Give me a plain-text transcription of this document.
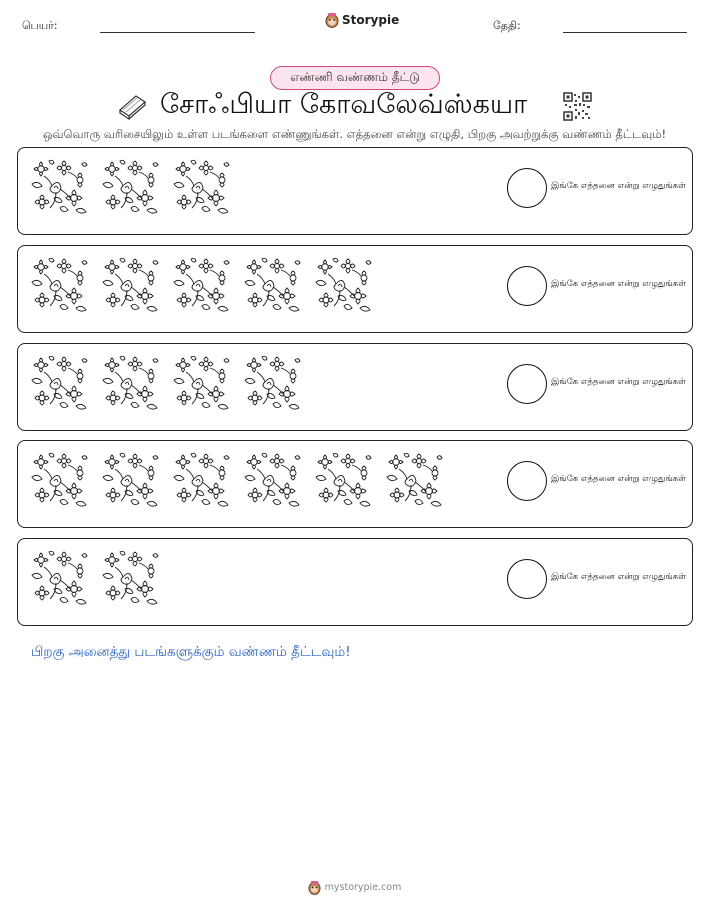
பெயர்:	Storypie	தேதி:
எண்ணி வண்ணம் தீட்டு
சோஃபியா கோவலேவ்ஸ்கயா
ஒவ்வொரு வரிசையிலும் உள்ள படங்களை எண்ணுங்கள். எத்தனை என்று எழுதி, பிறகு அவற்றுக்கு வண்ணம் தீட்டவும்!
இங்கே எத்தனை என்று எழுதுங்கள்
இங்கே எத்தனை என்று எழுதுங்கள்
இங்கே எத்தனை என்று எழுதுங்கள்
இங்கே எத்தனை என்று எழுதுங்கள்
இங்கே எத்தனை என்று எழுதுங்கள்
பிறகு அனைத்து படங்களுக்கும் வண்ணம் தீட்டவும்!
mystorypie.com
